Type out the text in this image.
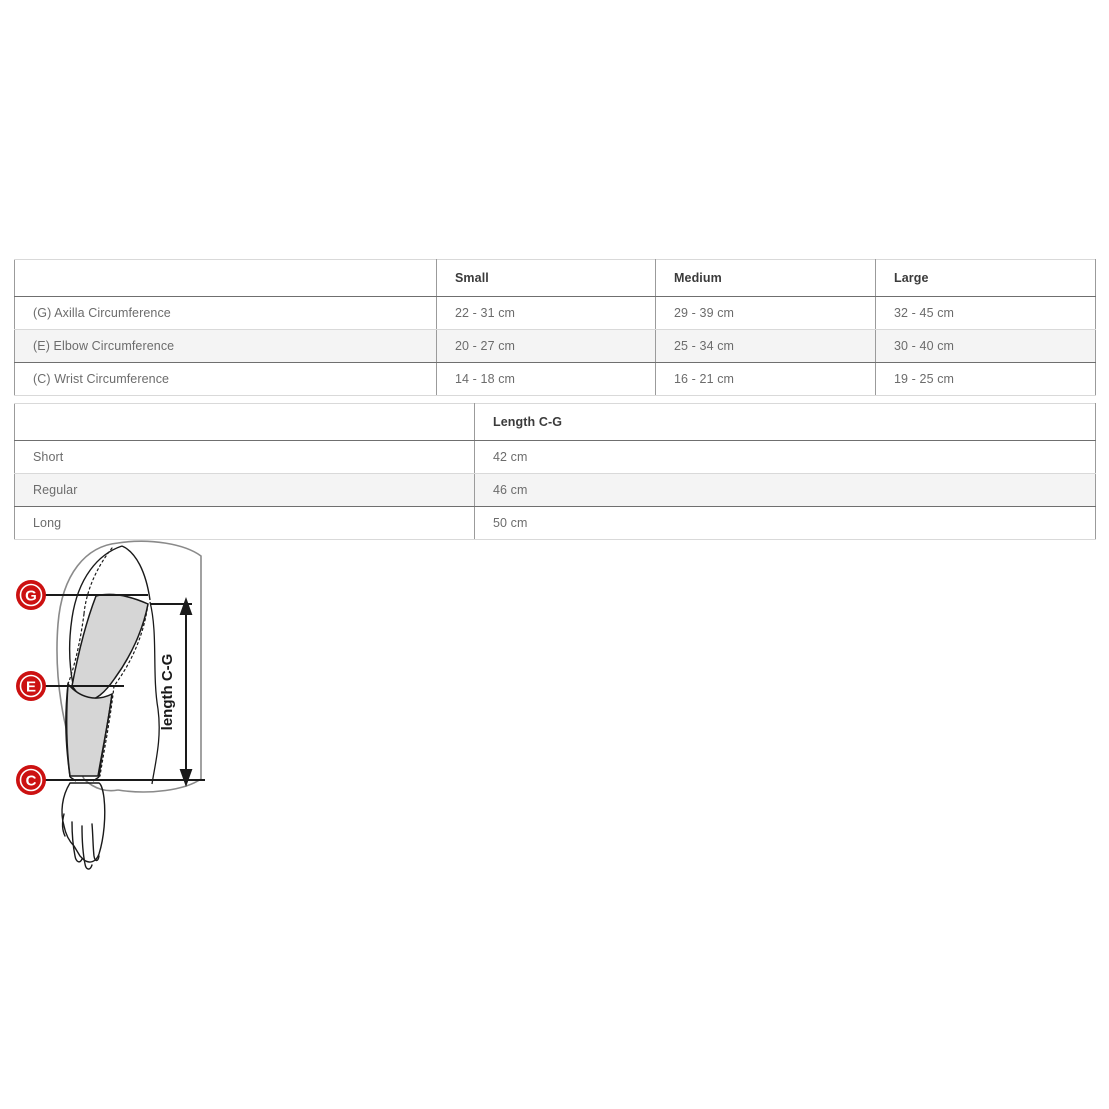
	Small	Medium	Large
(G) Axilla Circumference	22 - 31 cm	29 - 39 cm	32 - 45 cm
(E) Elbow Circumference	20 - 27 cm	25 - 34 cm	30 - 40 cm
(C) Wrist Circumference	14 - 18 cm	16 - 21 cm	19 - 25 cm
	Length C-G
Short	42 cm
Regular	46 cm
Long	50 cm
length C-G
G
E
C
